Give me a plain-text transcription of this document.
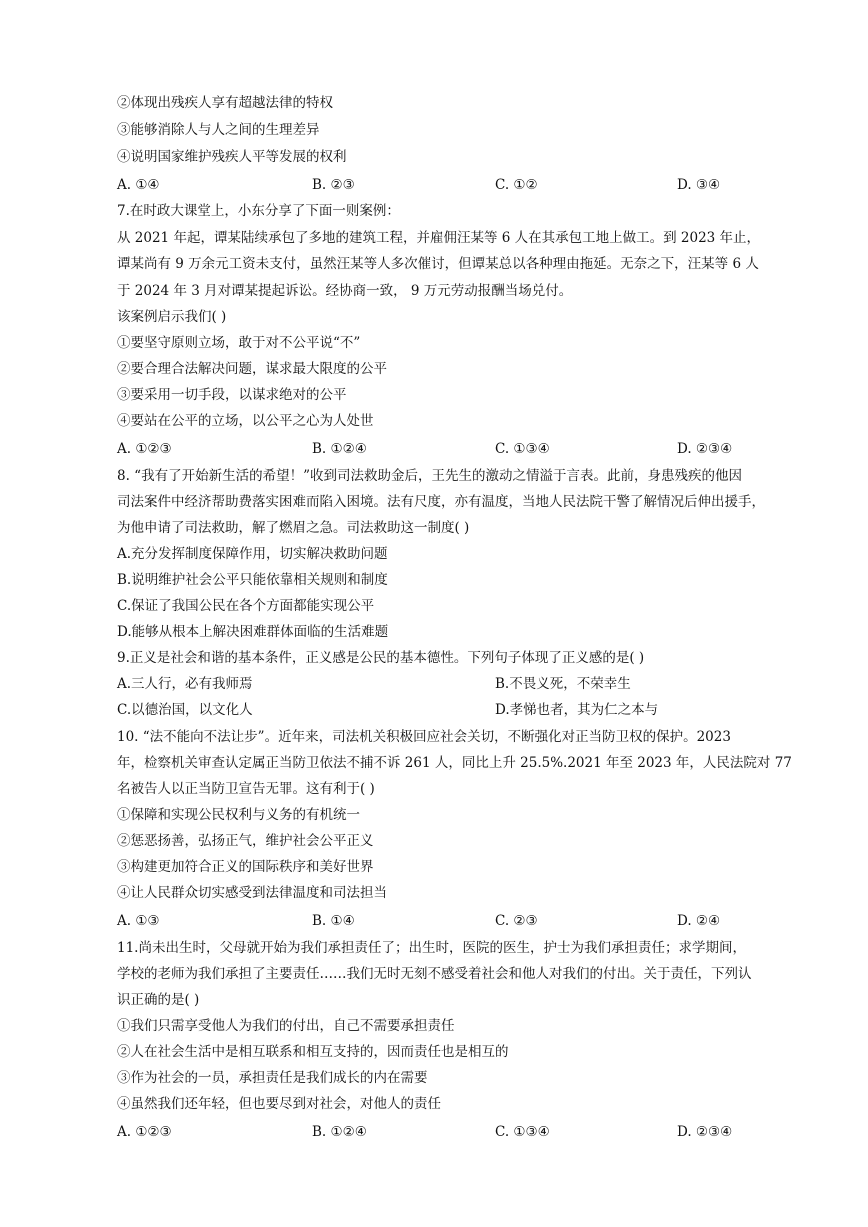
②体现出残疾人享有超越法律的特权
③能够消除人与人之间的生理差异
④说明国家维护残疾人平等发展的权利
A. ①④	B. ②③	C. ①②	D. ③④
7.在时政大课堂上，小东分享了下面一则案例：
从 2021 年起，谭某陆续承包了多地的建筑工程，并雇佣汪某等 6 人在其承包工地上做工。到 2023 年止，
谭某尚有 9 万余元工资未支付，虽然汪某等人多次催讨，但谭某总以各种理由拖延。无奈之下，汪某等 6 人
于 2024 年 3 月对谭某提起诉讼。经协商一致， 9 万元劳动报酬当场兑付。
该案例启示我们( )
①要坚守原则立场，敢于对不公平说“不”
②要合理合法解决问题，谋求最大限度的公平
③要采用一切手段，以谋求绝对的公平
④要站在公平的立场，以公平之心为人处世
A. ①②③	B. ①②④	C. ①③④	D. ②③④
8. “我有了开始新生活的希望！”收到司法救助金后，王先生的激动之情溢于言表。此前，身患残疾的他因
司法案件中经济帮助费落实困难而陷入困境。法有尺度，亦有温度，当地人民法院干警了解情况后伸出援手，
为他申请了司法救助，解了燃眉之急。司法救助这一制度( )
A.充分发挥制度保障作用，切实解决救助问题
B.说明维护社会公平只能依靠相关规则和制度
C.保证了我国公民在各个方面都能实现公平
D.能够从根本上解决困难群体面临的生活难题
9.正义是社会和谐的基本条件，正义感是公民的基本德性。下列句子体现了正义感的是( )
A.三人行，必有我师焉	B.不畏义死，不荣幸生
C.以德治国，以文化人	D.孝悌也者，其为仁之本与
10. “法不能向不法让步”。近年来，司法机关积极回应社会关切，不断强化对正当防卫权的保护。2023
年，检察机关审查认定属正当防卫依法不捕不诉 261 人，同比上升 25.5%.2021 年至 2023 年，人民法院对 77
名被告人以正当防卫宣告无罪。这有利于( )
①保障和实现公民权利与义务的有机统一
②惩恶扬善，弘扬正气，维护社会公平正义
③构建更加符合正义的国际秩序和美好世界
④让人民群众切实感受到法律温度和司法担当
A. ①③	B. ①④	C. ②③	D. ②④
11.尚未出生时，父母就开始为我们承担责任了；出生时，医院的医生，护士为我们承担责任；求学期间，
学校的老师为我们承担了主要责任……我们无时无刻不感受着社会和他人对我们的付出。关于责任，下列认
识正确的是( )
①我们只需享受他人为我们的付出，自己不需要承担责任
②人在社会生活中是相互联系和相互支持的，因而责任也是相互的
③作为社会的一员，承担责任是我们成长的内在需要
④虽然我们还年轻，但也要尽到对社会，对他人的责任
A. ①②③	B. ①②④	C. ①③④	D. ②③④
